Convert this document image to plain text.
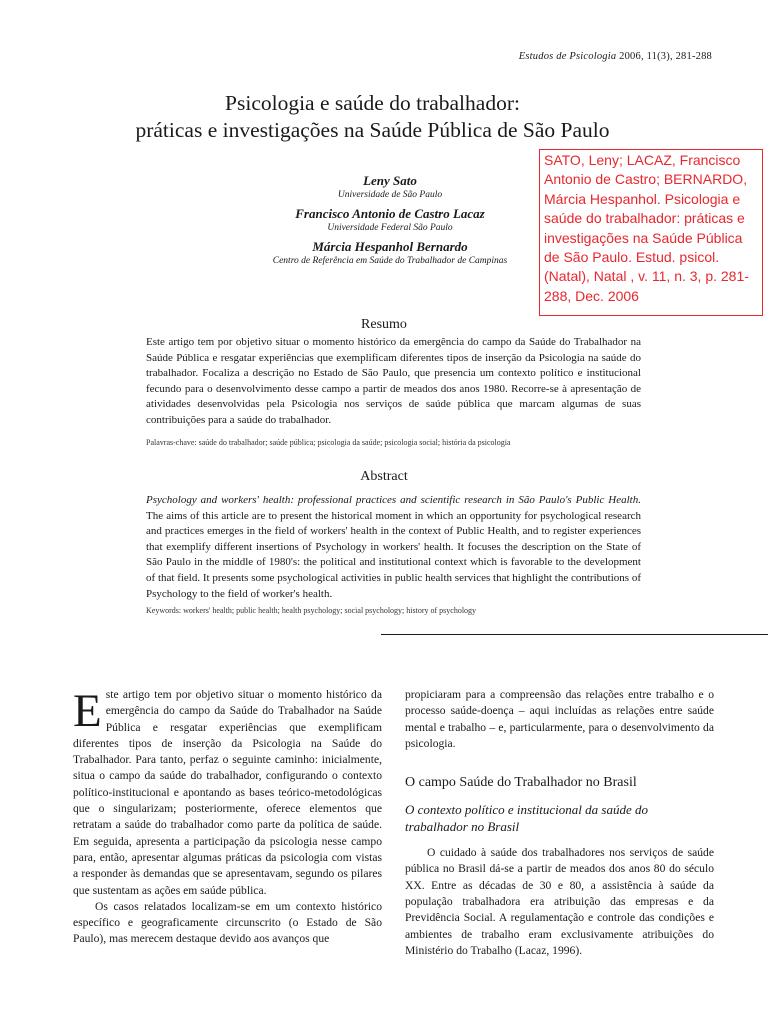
Estudos de Psicologia 2006, 11(3), 281-288
Psicologia e saúde do trabalhador:
práticas e investigações na Saúde Pública de São Paulo
Leny Sato
Universidade de São Paulo
Francisco Antonio de Castro Lacaz
Universidade Federal São Paulo
Márcia Hespanhol Bernardo
Centro de Referência em Saúde do Trabalhador de Campinas
SATO, Leny; LACAZ, Francisco Antonio de Castro; BERNARDO, Márcia Hespanhol. Psicologia e saúde do trabalhador: práticas e investigações na Saúde Pública de São Paulo. Estud. psicol. (Natal), Natal , v. 11, n. 3, p. 281-288, Dec. 2006
Resumo
Este artigo tem por objetivo situar o momento histórico da emergência do campo da Saúde do Trabalhador na Saúde Pública e resgatar experiências que exemplificam diferentes tipos de inserção da Psicologia na saúde do trabalhador. Focaliza a descrição no Estado de São Paulo, que presencia um contexto político e institucional fecundo para o desenvolvimento desse campo a partir de meados dos anos 1980. Recorre-se à apresentação de atividades desenvolvidas pela Psicologia nos serviços de saúde pública que marcam algumas de suas contribuições para a saúde do trabalhador.
Palavras-chave: saúde do trabalhador; saúde pública; psicologia da saúde; psicologia social; história da psicologia
Abstract
Psychology and workers' health: professional practices and scientific research in São Paulo's Public Health. The aims of this article are to present the historical moment in which an opportunity for psychological research and practices emerges in the field of workers' health in the context of Public Health, and to register experiences that exemplify different insertions of Psychology in workers' health. It focuses the description on the State of São Paulo in the middle of 1980's: the political and institutional context which is favorable to the development of that field. It presents some psychological activities in public health services that highlight the contributions of Psychology to the field of worker's health.
Keywords: workers' health; public health; health psychology; social psychology; history of psychology

Este artigo tem por objetivo situar o momento histórico da emergência do campo da Saúde do Trabalhador na Saúde Pública e resgatar experiências que exemplificam diferentes tipos de inserção da Psicologia na Saúde do Trabalhador. Para tanto, perfaz o seguinte caminho: inicialmente, situa o campo da saúde do trabalhador, configurando o contexto político-institucional e apontando as bases teórico-metodológicas que o singularizam; posteriormente, oferece elementos que retratam a saúde do trabalhador como parte da política de saúde. Em seguida, apresenta a participação da psicologia nesse campo para, então, apresentar algumas práticas da psicologia com vistas a responder às demandas que se apresentavam, segundo os pilares que sustentam as ações em saúde pública.

Os casos relatados localizam-se em um contexto histórico específico e geograficamente circunscrito (o Estado de São Paulo), mas merecem destaque devido aos avanços que

propiciaram para a compreensão das relações entre trabalho e o processo saúde-doença – aqui incluídas as relações entre saúde mental e trabalho – e, particularmente, para o desenvolvimento da psicologia.

O campo Saúde do Trabalhador no Brasil
O contexto político e institucional da saúde do trabalhador no Brasil

O cuidado à saúde dos trabalhadores nos serviços de saúde pública no Brasil dá-se a partir de meados dos anos 80 do século XX. Entre as décadas de 30 e 80, a assistência à saúde da população trabalhadora era atribuição das empresas e da Previdência Social. A regulamentação e controle das condições e ambientes de trabalho eram exclusivamente atribuições do Ministério do Trabalho (Lacaz, 1996).
